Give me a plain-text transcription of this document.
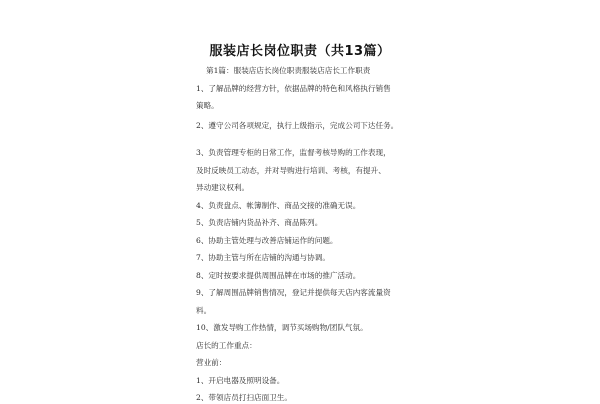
服装店长岗位职责（共13篇）
第1篇：服装店店长岗位职责服装店店长工作职责
1、了解品牌的经营方针，依据品牌的特色和风格执行销售
策略。
2、遵守公司各项规定，执行上级指示，完成公司下达任务。
3、负责管理专柜的日常工作，监督考核导购的工作表现，
及时反映员工动态，并对导购进行培训、考核，有提升、
异动建议权利。
4、负责盘点、帐簿制作、商品交接的准确无误。
5、负责店铺内货品补齐、商品陈列。
6、协助主管处理与改善店铺运作的问题。
7、协助主管与所在店铺的沟通与协调。
8、定时按要求提供周围品牌在市场的推广活动。
9、了解周围品牌销售情况，登记并提供每天店内客流量资
料。
10、激发导购工作热情，调节买场购物/团队气氛。
店长的工作重点：
营业前：
1、开启电器及照明设备。
2、带领店员打扫店面卫生。
